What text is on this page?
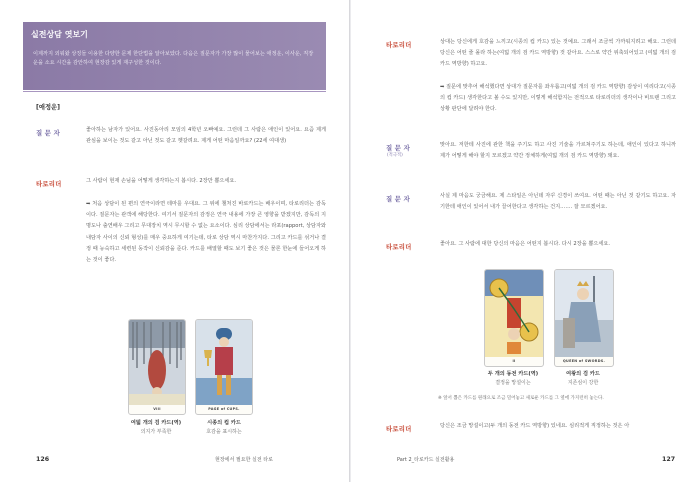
실전상담 엿보기
이제까지 외워왔 상징들 이용한 다양한 문제 한단법을 알아보았다. 다음은 질문자가 가장 많이 물어보는 애정운, 이사운, 직장운을 소요 시간을 감안하여 현장감 있게 재구성한 것이다.
[애정운]
질 문 자	좋아하는 남자가 있어요. 사진동아리 모임의 4학년 오빠예요. 그런데 그 사람은 애인이 있어요. 요즘 제게 관심을 보이는 것도 같고 아닌 것도 같고 헷갈려요. 제게 어떤 마음일까요? (22세 여대생)
타로리더	그 사람이 현재 손님을 어떻게 생각하는지 봅시다. 2장만 뽑으세요.
➡ 처음 상담이 된 편의 연극이라면 테마를 우대요. 그 위에 챌처진 바로카드는 배우이며, 타로리더는 감독이다. 질문자는 관객에 해당한다. 여기서 질문자의 감정은 연극 내용에 가장 큰 영향을 받겠지만, 감독의 지명도나 출연배우 그리고 무대장치 역시 무시할 수 없는 요소이다. 심리 상담에서는 라포(rapport, 상담자와 내담자 사이의 신뢰 형성)를 매우 중요하게 여기는데, 타로 상담 역시 마찬가지다. 그리고 카드를 섞거나 결정 때 능숙하고 세련된 동작이 신뢰감을 준다. 카드를 배열할 때도 보기 좋은 것은 물론 한눈에 들어오게 하는 것이 좋다.
VIII
여덟 개의 검 카드(역)
의지가 부족한
PAGE of CUPS.
시종의 컵 카드
호감을 표시하는
126	현장에서 필요한 실전 타로
타로리더	상대는 당신에게 호감을 느끼고(시종의 컵 카드) 있는 것예요. 그래서 조금씩 가까워지려고 해요. 그런데 당신은 어떤 줄 몰라 하는(여덟 개의 검 카드 역방향) 것 같아요. 스스로 약간 위축되어있고 (여덟 개의 검 카드 역방향) 하고요.
➡ 질문에 맞추어 해석했다면 상대가 질문자를 좌우롭고(여덟 개의 검 카드 역방향) 감상이 여리다고(시종의 컵 카드) 생각한다고 볼 수도 있지만, 이렇게 해석함지는 전적으로 타로리더의 생각이나 비트랜 그리고 상황 판단에 달려야 한다.
질 문 자
(적극적)
맞아요. 저한테 사진에 관한 책을 주기도 하고 사진 기술을 가르쳐주기도 하는데, 애인이 있다고 하니까 제가 어떻게 해야 할지 모르겠고 약간 정체하게(여덟 개의 검 카드 역방향) 돼요.
질 문 자	사실 제 마음도 궁금해요. 제 스타일은 아닌데 자꾸 신경이 쓰여요. 어떤 때는 아닌 것 같기도 하고요. 자기한테 애인이 있어서 내가 끌어한다고 생각하는 건지……. 잘 모르겠어요.
타로리더	좋아요. 그 사람에 대한 당신의 마음은 어떤지 봅시다. 다시 2장을 뽑으세요.
II
두 개의 동전 카드(역)
결정을 망설이는
QUEEN of SWORDS.
여왕의 검 카드
지존심이 강한
※ 앞서 뽑은 카드를 원래으로 조금 밀어놓고 새로운 카드를 그 옆에 가지런히 놓는다.
타로리더	당신은 조금 망설이고(두 개의 동전 카드 역방향) 있네요. 심리적게 직정하는 것은 아
Part 2_타로카드 실전활용	127
